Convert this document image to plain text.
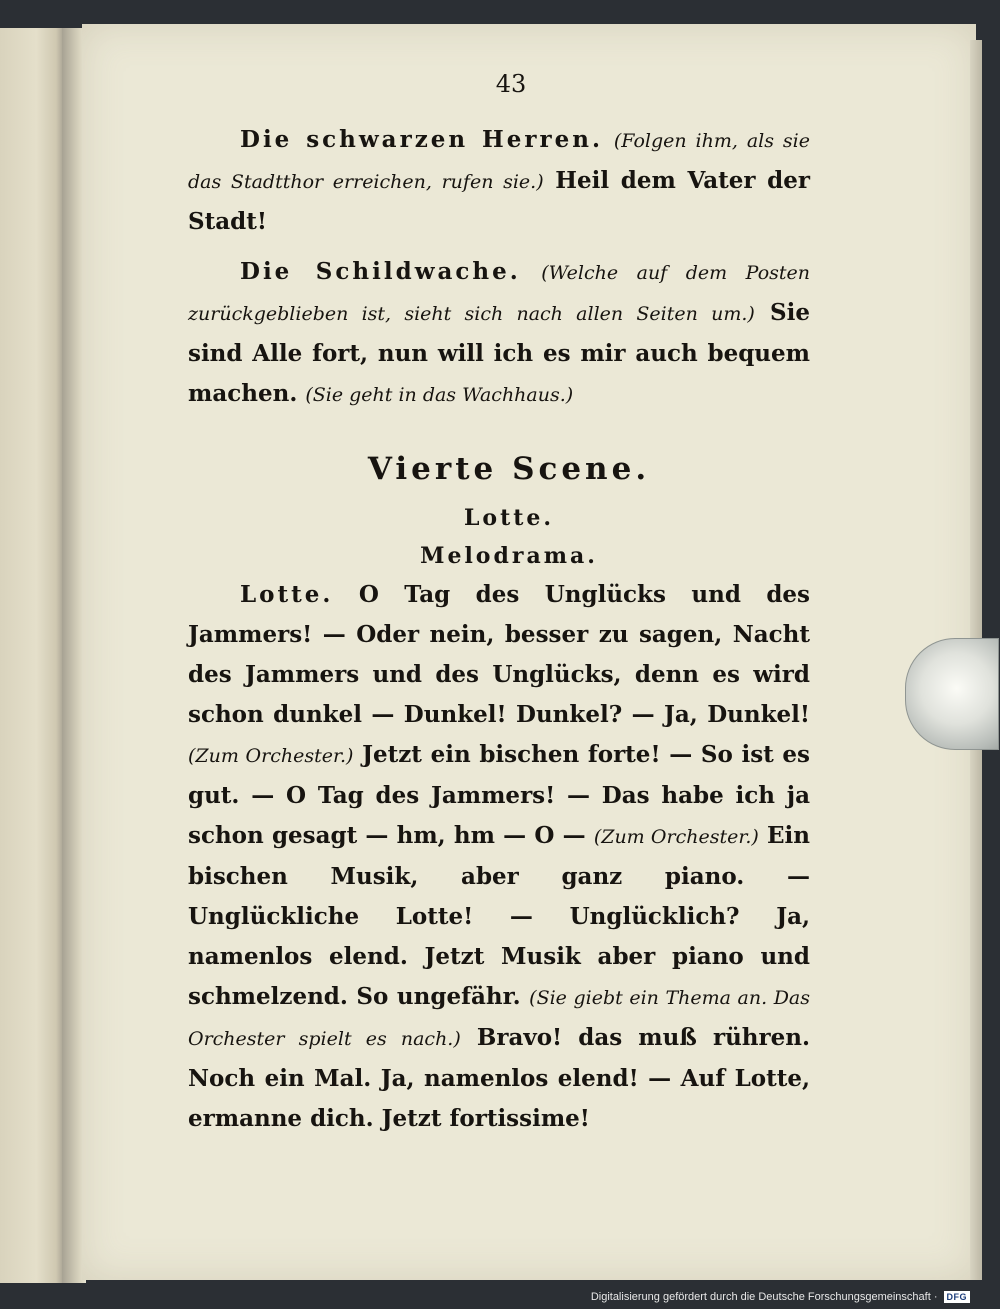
43

Die schwarzen Herren. (Folgen ihm, als sie das Stadtthor erreichen, rufen sie.) Heil dem Vater der Stadt!

Die Schildwache. (Welche auf dem Posten zurückgeblieben ist, sieht sich nach allen Seiten um.) Sie sind Alle fort, nun will ich es mir auch bequem machen. (Sie geht in das Wachhaus.)

Vierte Scene.
Lotte.
Melodrama.

Lotte. O Tag des Unglücks und des Jammers! — Oder nein, besser zu sagen, Nacht des Jammers und des Unglücks, denn es wird schon dunkel — Dunkel! Dunkel? — Ja, Dunkel! (Zum Orchester.) Jetzt ein bischen forte! — So ist es gut. — O Tag des Jammers! — Das habe ich ja schon gesagt — hm, hm — O — (Zum Orchester.) Ein bischen Musik, aber ganz piano. — Unglückliche Lotte! — Unglücklich? Ja, namenlos elend. Jetzt Musik aber piano und schmelzend. So ungefähr. (Sie giebt ein Thema an. Das Orchester spielt es nach.) Bravo! das muß rühren. Noch ein Mal. Ja, namenlos elend! — Auf Lotte, ermanne dich. Jetzt fortissime!

Digitalisierung gefördert durch die Deutsche Forschungsgemeinschaft ·	DFG
